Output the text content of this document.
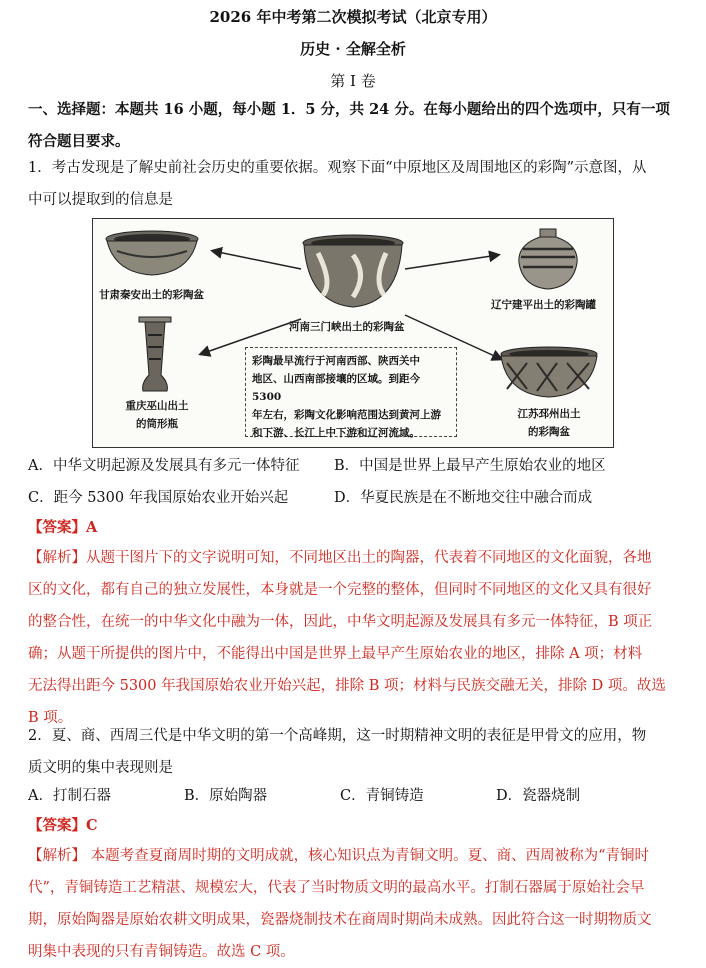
2026 年中考第二次模拟考试（北京专用）
历史 · 全解全析
第 I 卷
一、选择题：本题共 16 小题，每小题 1．5 分，共 24 分。在每小题给出的四个选项中，只有一项
符合题目要求。
1．考古发现是了解史前社会历史的重要依据。观察下面“中原地区及周围地区的彩陶”示意图，从
中可以提取到的信息是
甘肃秦安出土的彩陶盆
河南三门峡出土的彩陶盆
辽宁建平出土的彩陶罐
重庆巫山出土
的筒形瓶
彩陶最早流行于河南西部、陕西关中
地区、山西南部接壤的区域。到距今 5300
年左右，彩陶文化影响范围达到黄河上游
和下游、长江上中下游和辽河流域。
江苏邳州出土
的彩陶盆
A．中华文明起源及发展具有多元一体特征 B．中国是世界上最早产生原始农业的地区
C．距今 5300 年我国原始农业开始兴起	D．华夏民族是在不断地交往中融合而成
【答案】A
【解析】从题干图片下的文字说明可知，不同地区出土的陶器，代表着不同地区的文化面貌，各地
区的文化，都有自己的独立发展性，本身就是一个完整的整体，但同时不同地区的文化又具有很好
的整合性，在统一的中华文化中融为一体，因此，中华文明起源及发展具有多元一体特征，B 项正
确；从题干所提供的图片中，不能得出中国是世界上最早产生原始农业的地区，排除 A 项；材料
无法得出距今 5300 年我国原始农业开始兴起，排除 B 项；材料与民族交融无关，排除 D 项。故选
B 项。
2．夏、商、西周三代是中华文明的第一个高峰期，这一时期精神文明的表征是甲骨文的应用，物
质文明的集中表现则是
A．打制石器	B．原始陶器	C．青铜铸造	D．瓷器烧制
【答案】C
【解析】 本题考查夏商周时期的文明成就，核心知识点为青铜文明。夏、商、西周被称为“青铜时
代”，青铜铸造工艺精湛、规模宏大，代表了当时物质文明的最高水平。打制石器属于原始社会早
期，原始陶器是原始农耕文明成果，瓷器烧制技术在商周时期尚未成熟。因此符合这一时期物质文
明集中表现的只有青铜铸造。故选 C 项。
